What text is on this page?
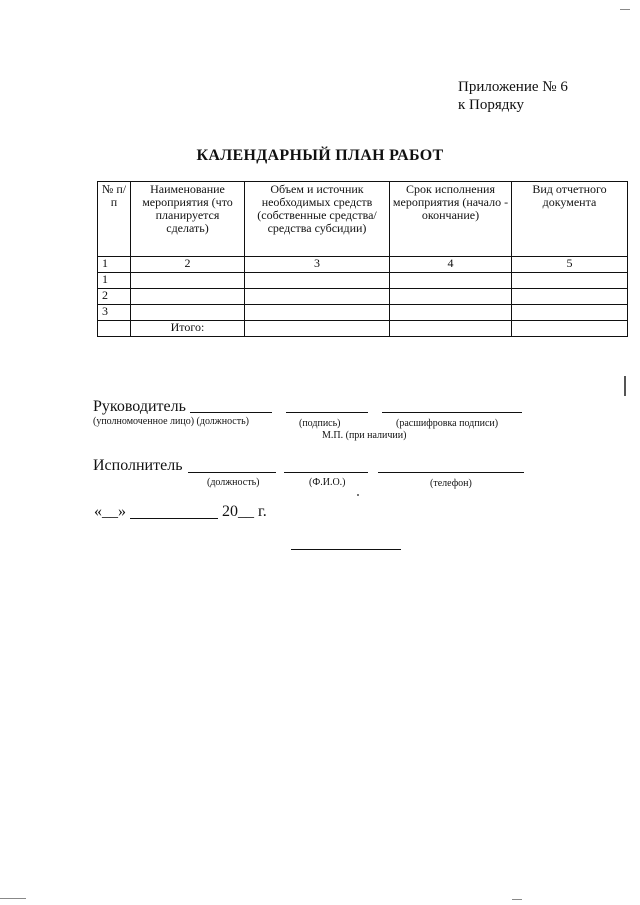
Приложение № 6
к Порядку
КАЛЕНДАРНЫЙ ПЛАН РАБОТ
№ п/п	Наименование мероприятия (что планируется сделать)	Объем и источник необходимых средств (собственные средства/средства субсидии)	Срок исполнения мероприятия (начало - окончание)	Вид отчетного документа
1	2	3	4	5
1				
2				
3				
	Итого:			
Руководитель
(уполномоченное лицо) (должность)	(подпись)	(расшифровка подписи)
М.П. (при наличии)
Исполнитель
(должность)	(Ф.И.О.)	(телефон)
«__»	20__ г.
